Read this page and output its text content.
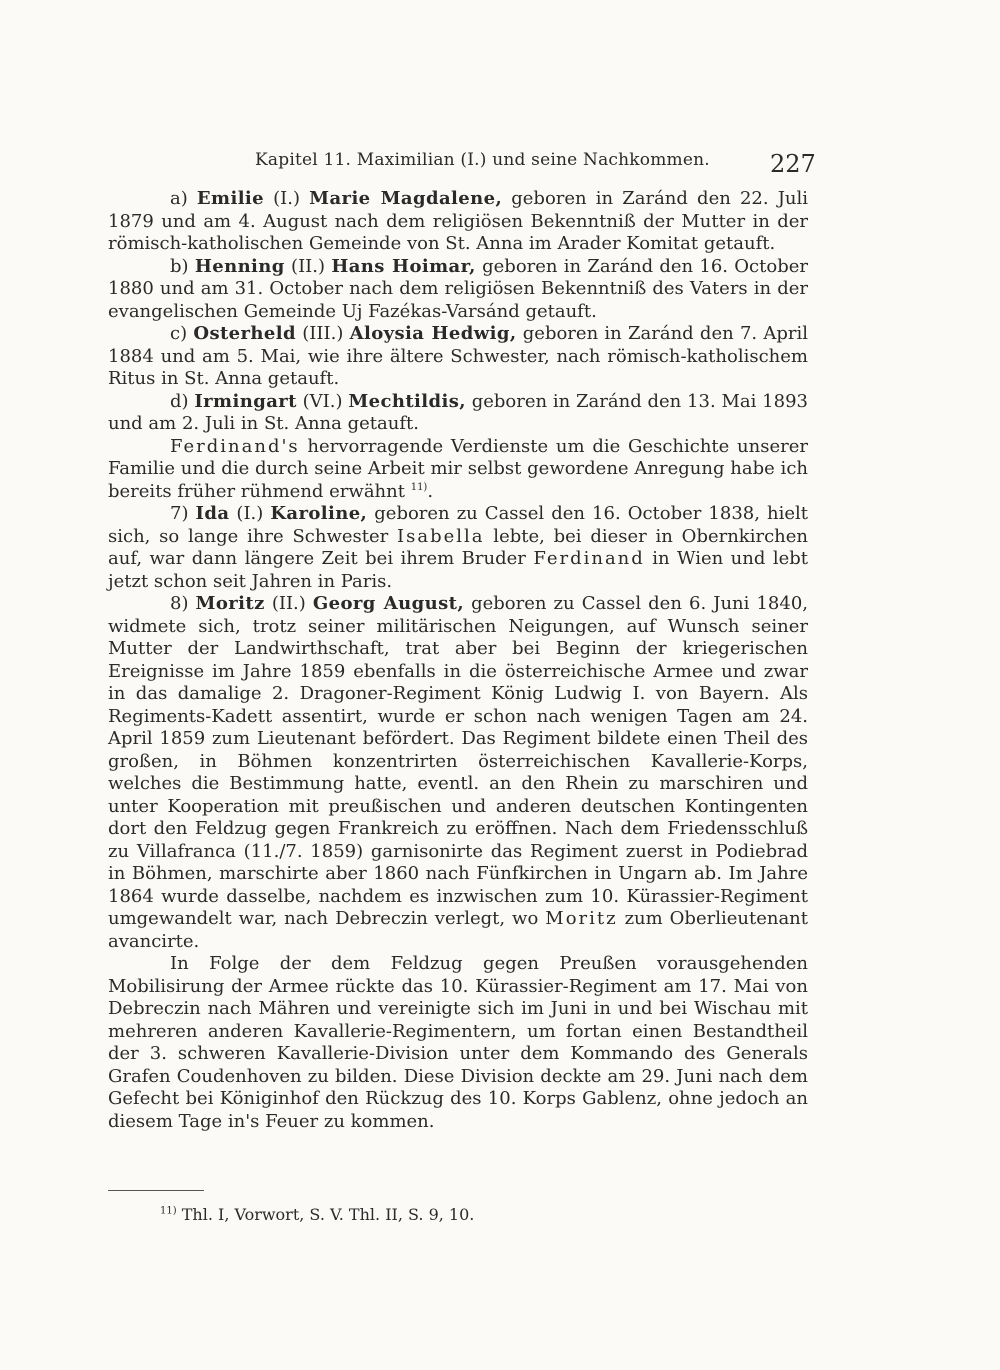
Kapitel 11. Maximilian (I.) und seine Nachkommen.	227

a) Emilie (I.) Marie Magdalene, geboren in Zaránd den 22. Juli 1879 und am 4. August nach dem religiösen Bekenntniß der Mutter in der römisch-katholischen Gemeinde von St. Anna im Arader Komitat getauft.

b) Henning (II.) Hans Hoimar, geboren in Zaránd den 16. October 1880 und am 31. October nach dem religiösen Bekenntniß des Vaters in der evangelischen Gemeinde Uj Fazékas-Varsánd getauft.

c) Osterheld (III.) Aloysia Hedwig, geboren in Zaránd den 7. April 1884 und am 5. Mai, wie ihre ältere Schwester, nach römisch-katholischem Ritus in St. Anna getauft.

d) Irmingart (VI.) Mechtildis, geboren in Zaránd den 13. Mai 1893 und am 2. Juli in St. Anna getauft.

Ferdinand's hervorragende Verdienste um die Geschichte unserer Familie und die durch seine Arbeit mir selbst gewordene Anregung habe ich bereits früher rühmend erwähnt $^{11)}$.

7) Ida (I.) Karoline, geboren zu Cassel den 16. October 1838, hielt sich, so lange ihre Schwester Isabella lebte, bei dieser in Obernkirchen auf, war dann längere Zeit bei ihrem Bruder Ferdinand in Wien und lebt jetzt schon seit Jahren in Paris.

8) Moritz (II.) Georg August, geboren zu Cassel den 6. Juni 1840, widmete sich, trotz seiner militärischen Neigungen, auf Wunsch seiner Mutter der Landwirthschaft, trat aber bei Beginn der kriegerischen Ereignisse im Jahre 1859 ebenfalls in die österreichische Armee und zwar in das damalige 2. Dragoner-Regiment König Ludwig I. von Bayern. Als Regiments-Kadett assentirt, wurde er schon nach wenigen Tagen am 24. April 1859 zum Lieutenant befördert. Das Regiment bildete einen Theil des großen, in Böhmen konzentrirten österreichischen Kavallerie-Korps, welches die Bestimmung hatte, eventl. an den Rhein zu marschiren und unter Kooperation mit preußischen und anderen deutschen Kontingenten dort den Feldzug gegen Frankreich zu eröffnen. Nach dem Friedensschluß zu Villafranca (11./7. 1859) garnisonirte das Regiment zuerst in Podiebrad in Böhmen, marschirte aber 1860 nach Fünfkirchen in Ungarn ab. Im Jahre 1864 wurde dasselbe, nachdem es inzwischen zum 10. Kürassier-Regiment umgewandelt war, nach Debreczin verlegt, wo Moritz zum Oberlieutenant avancirte.

In Folge der dem Feldzug gegen Preußen vorausgehenden Mobilisirung der Armee rückte das 10. Kürassier-Regiment am 17. Mai von Debreczin nach Mähren und vereinigte sich im Juni in und bei Wischau mit mehreren anderen Kavallerie-Regimentern, um fortan einen Bestandtheil der 3. schweren Kavallerie-Division unter dem Kommando des Generals Grafen Coudenhoven zu bilden. Diese Division deckte am 29. Juni nach dem Gefecht bei Königinhof den Rückzug des 10. Korps Gablenz, ohne jedoch an diesem Tage in's Feuer zu kommen.

$^{11)}$ Thl. I, Vorwort, S. V. Thl. II, S. 9, 10.
